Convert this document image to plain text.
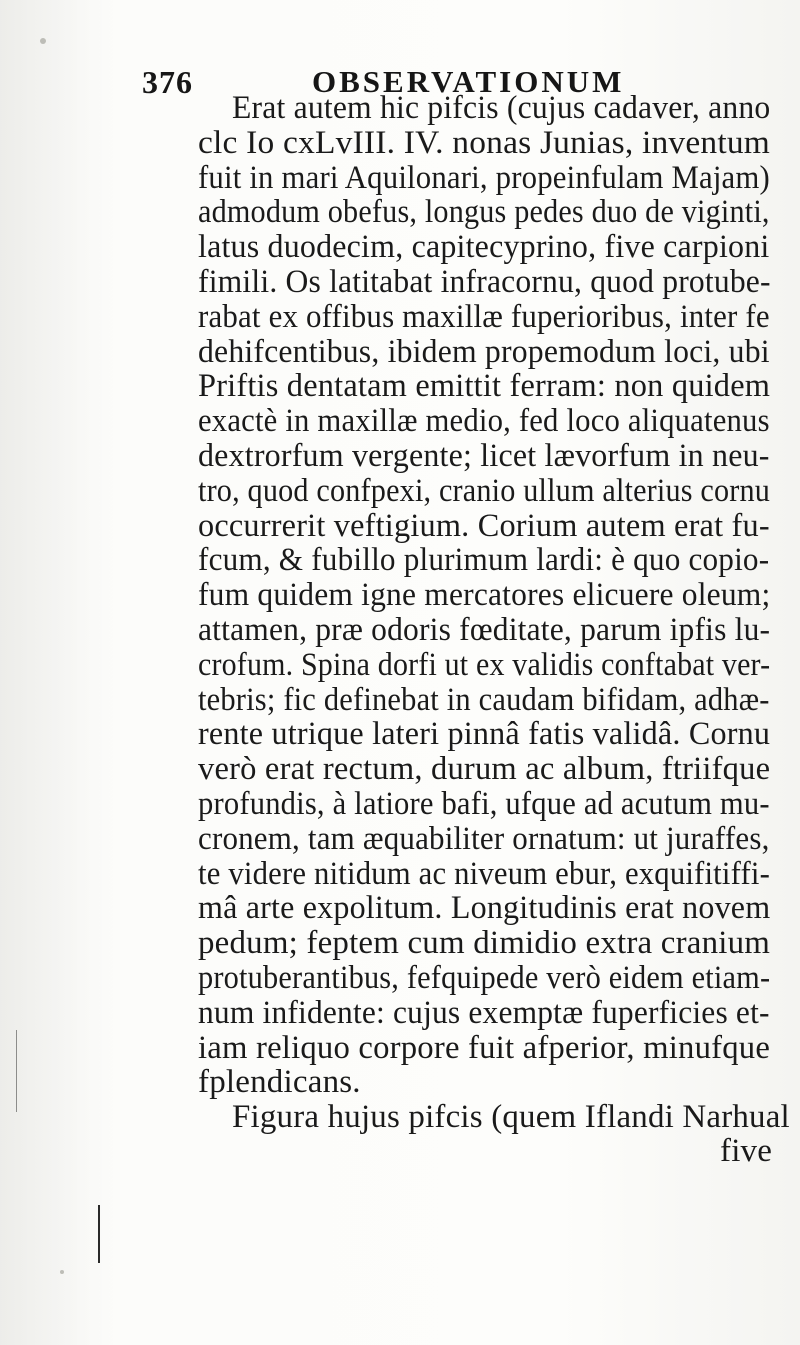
376	OBSERVATIONUM
Erat autem hic pifcis (cujus cadaver, anno
clc Io cxLvIII. IV. nonas Junias, inventum
fuit in mari Aquilonari, propeinfulam Majam)
admodum obefus, longus pedes duo de viginti,
latus duodecim, capitecyprino, five carpioni
fimili. Os latitabat infracornu, quod protube-
rabat ex offibus maxillæ fuperioribus, inter fe
dehifcentibus, ibidem propemodum loci, ubi
Priftis dentatam emittit ferram: non quidem
exactè in maxillæ medio, fed loco aliquatenus
dextrorfum vergente; licet lævorfum in neu-
tro, quod confpexi, cranio ullum alterius cornu
occurrerit veftigium. Corium autem erat fu-
fcum, & fubillo plurimum lardi: è quo copio-
fum quidem igne mercatores elicuere oleum;
attamen, præ odoris fœditate, parum ipfis lu-
crofum. Spina dorfi ut ex validis conftabat ver-
tebris; fic definebat in caudam bifidam, adhæ-
rente utrique lateri pinnâ fatis validâ. Cornu
verò erat rectum, durum ac album, ftriifque
profundis, à latiore bafi, ufque ad acutum mu-
cronem, tam æquabiliter ornatum: ut juraffes,
te videre nitidum ac niveum ebur, exquifitiffi-
mâ arte expolitum. Longitudinis erat novem
pedum; feptem cum dimidio extra cranium
protuberantibus, fefquipede verò eidem etiam-
num infidente: cujus exemptæ fuperficies et-
iam reliquo corpore fuit afperior, minufque
fplendicans.
Figura hujus pifcis (quem Iflandi Narhual
five
